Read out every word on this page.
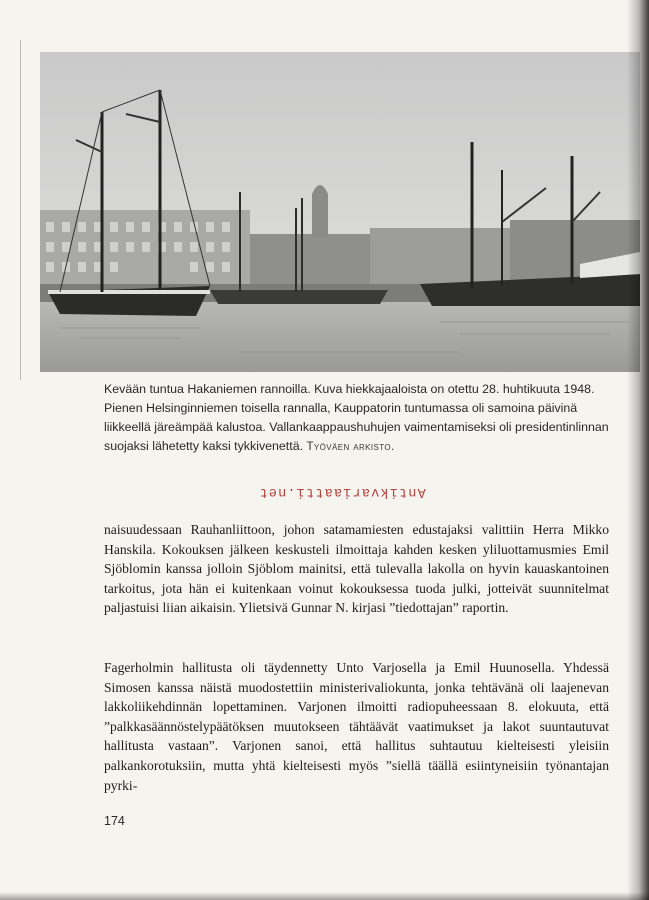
Kevään tuntua Hakaniemen rannoilla. Kuva hiekkajaaloista on otettu 28. huhtikuuta 1948. Pienen Helsinginniemen toisella rannalla, Kauppatorin tuntumassa oli samoina päivinä liikkeellä järeämpää kalustoa. Vallankaappaushuhujen vaimentamiseksi oli presidentinlinnan suojaksi lähetetty kaksi tykkivenettä. Työväen arkisto.

Antikvariaatti.net

naisuudessaan Rauhanliittoon, johon satamamiesten edustajaksi valittiin Herra Mikko Hanskila. Kokouksen jälkeen keskusteli ilmoittaja kahden kesken yliluottamusmies Emil Sjöblomin kanssa jolloin Sjöblom mainitsi, että tulevalla lakolla on hyvin kauaskantoinen tarkoitus, jota hän ei kuitenkaan voinut kokouksessa tuoda julki, jotteivät suunnitelmat paljastuisi liian aikaisin. Ylietsivä Gunnar N. kirjasi ”tiedottajan” raportin.

Fagerholmin hallitusta oli täydennetty Unto Varjosella ja Emil Huunosella. Yhdessä Simosen kanssa näistä muodostettiin ministerivaliokunta, jonka tehtävänä oli laajenevan lakkoliikehdinnän lopettaminen. Varjonen ilmoitti radiopuheessaan 8. elokuuta, että ”palkkasäännöstelypäätöksen muutokseen tähtäävät vaatimukset ja lakot suuntautuvat hallitusta vastaan”. Varjonen sanoi, että hallitus suhtautuu kielteisesti yleisiin palkankorotuksiin, mutta yhtä kielteisesti myös ”siellä täällä esiintyneisiin työnantajan pyrki-

174
